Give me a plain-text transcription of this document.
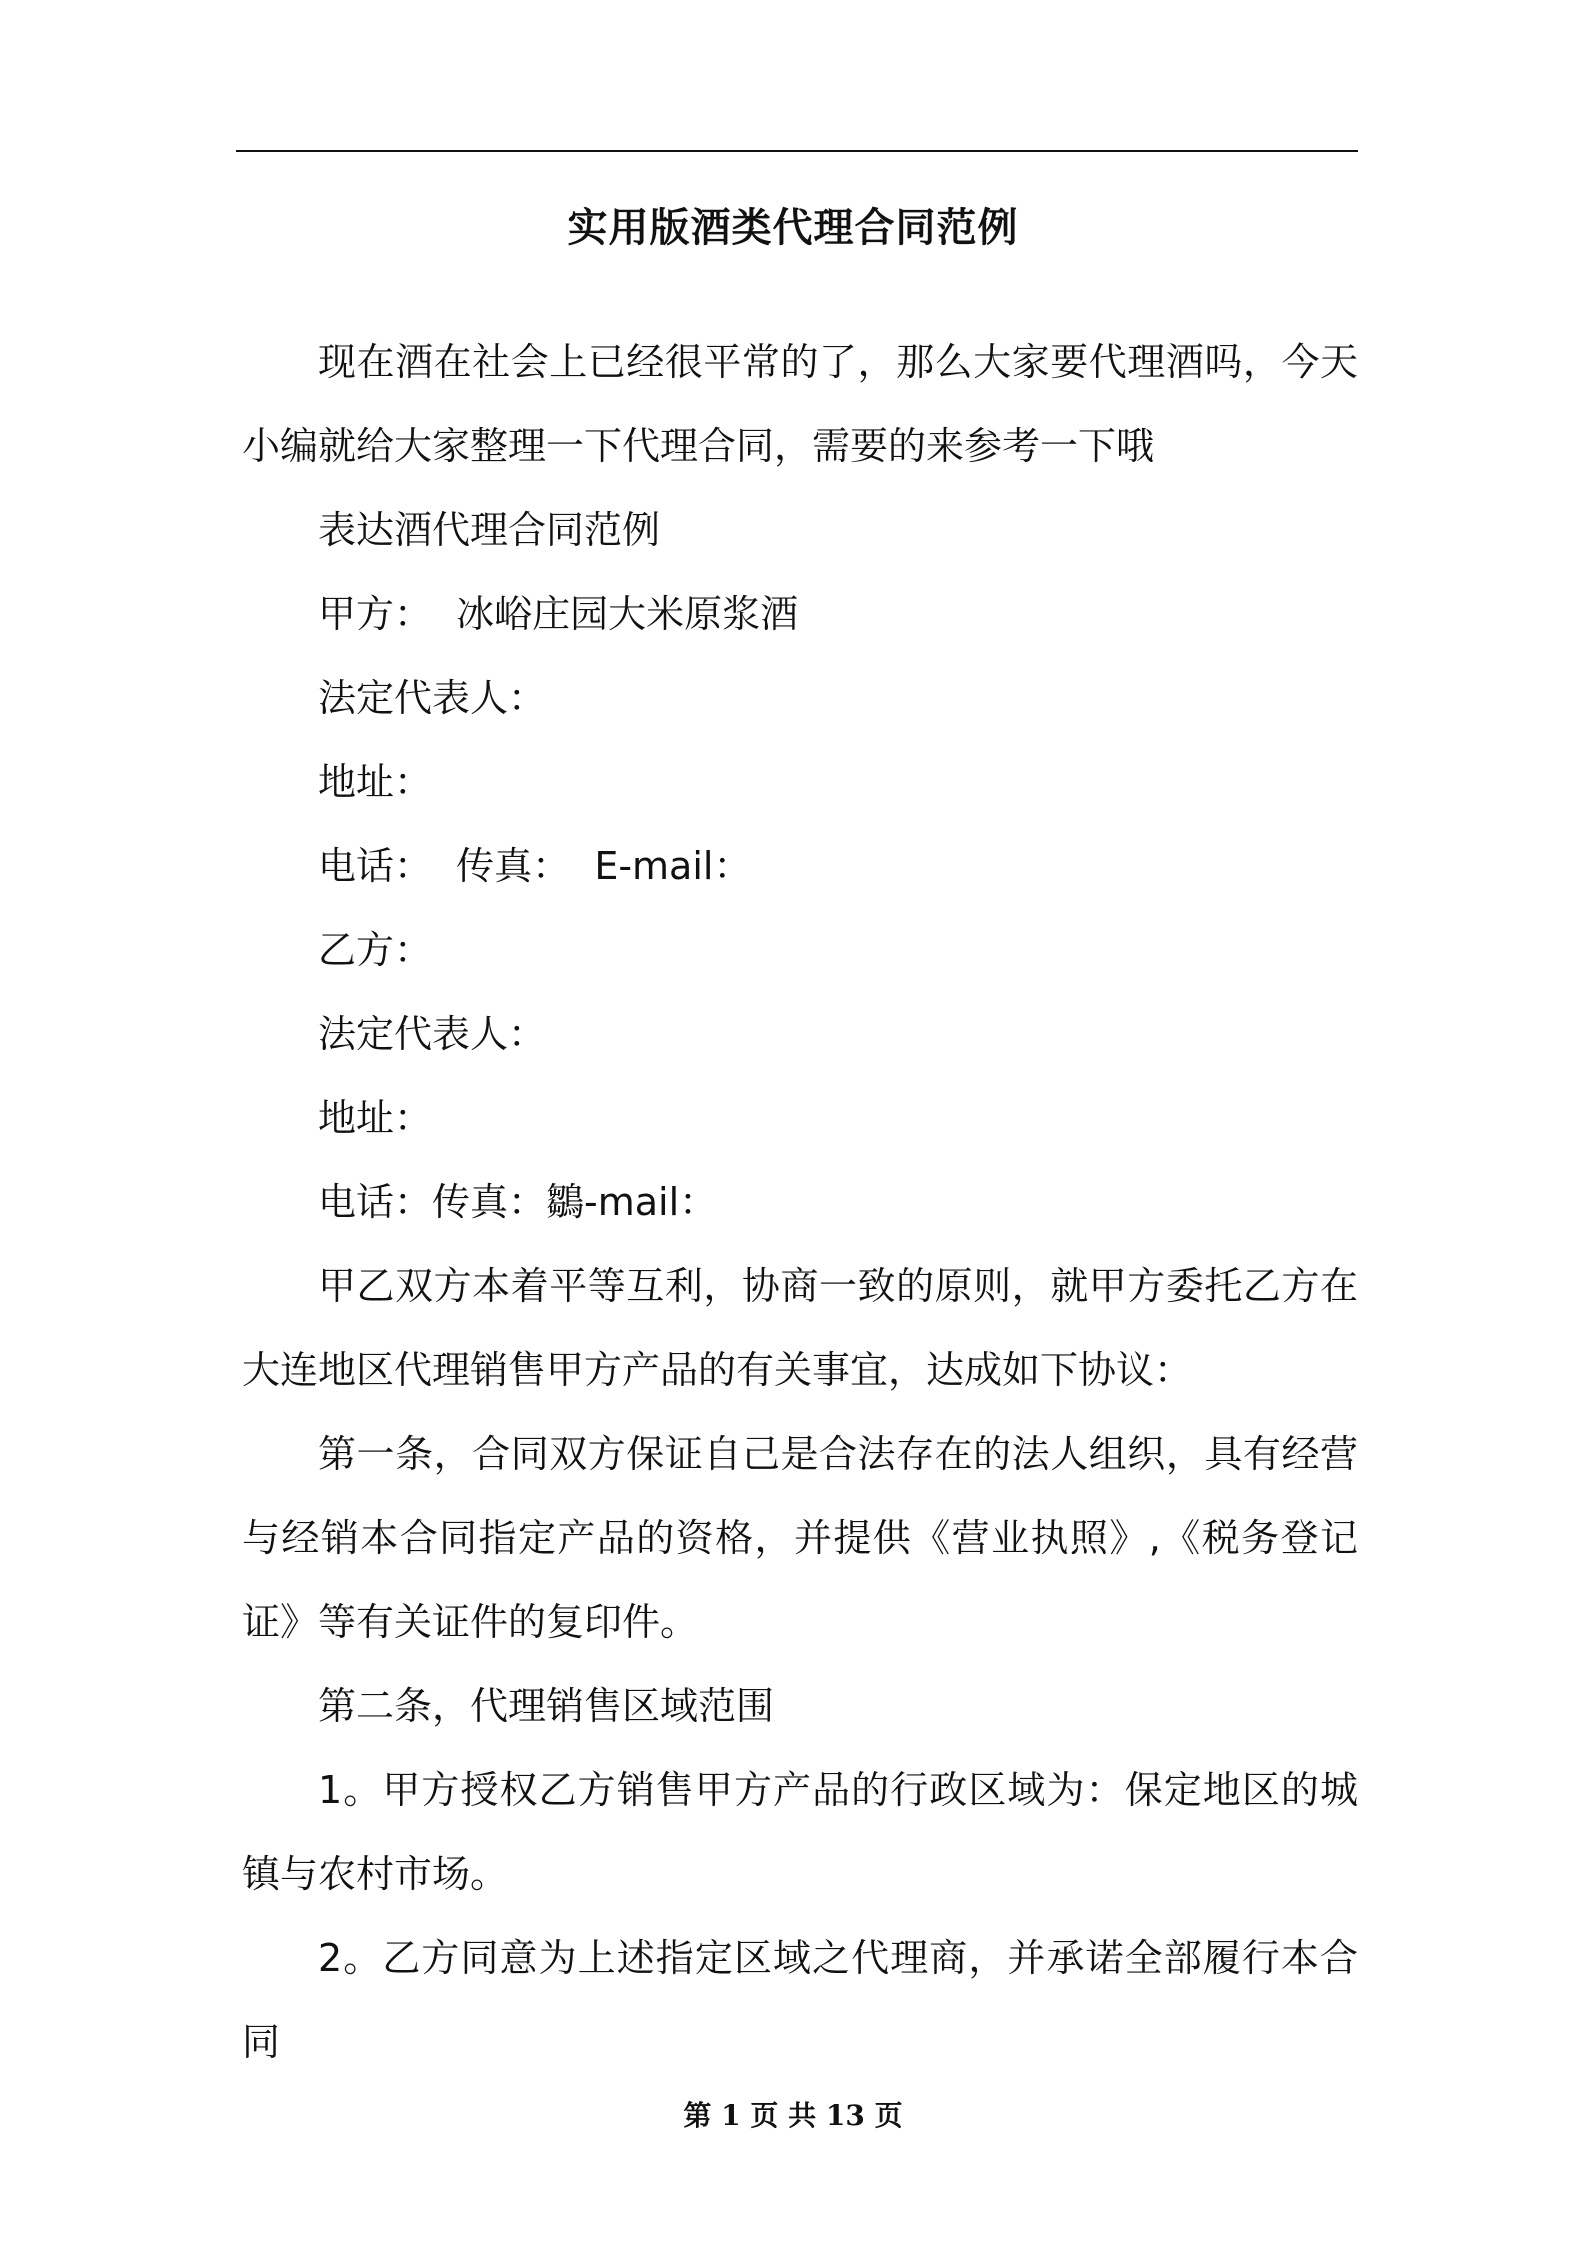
实用版酒类代理合同范例

现在酒在社会上已经很平常的了，那么大家要代理酒吗，今天小编就给大家整理一下代理合同，需要的来参考一下哦

表达酒代理合同范例

甲方：  冰峪庄园大米原浆酒

法定代表人：

地址：

电话：  传真：  E-mail：

乙方：

法定代表人：

地址：

电话：传真：鶵-mail：

甲乙双方本着平等互利，协商一致的原则，就甲方委托乙方在大连地区代理销售甲方产品的有关事宜，达成如下协议：

第一条，合同双方保证自己是合法存在的法人组织，具有经营与经销本合同指定产品的资格，并提供《营业执照》,《税务登记证》等有关证件的复印件。

第二条，代理销售区域范围

1。甲方授权乙方销售甲方产品的行政区域为：保定地区的城镇与农村市场。

2。乙方同意为上述指定区域之代理商，并承诺全部履行本合同

第 1 页 共 13 页
